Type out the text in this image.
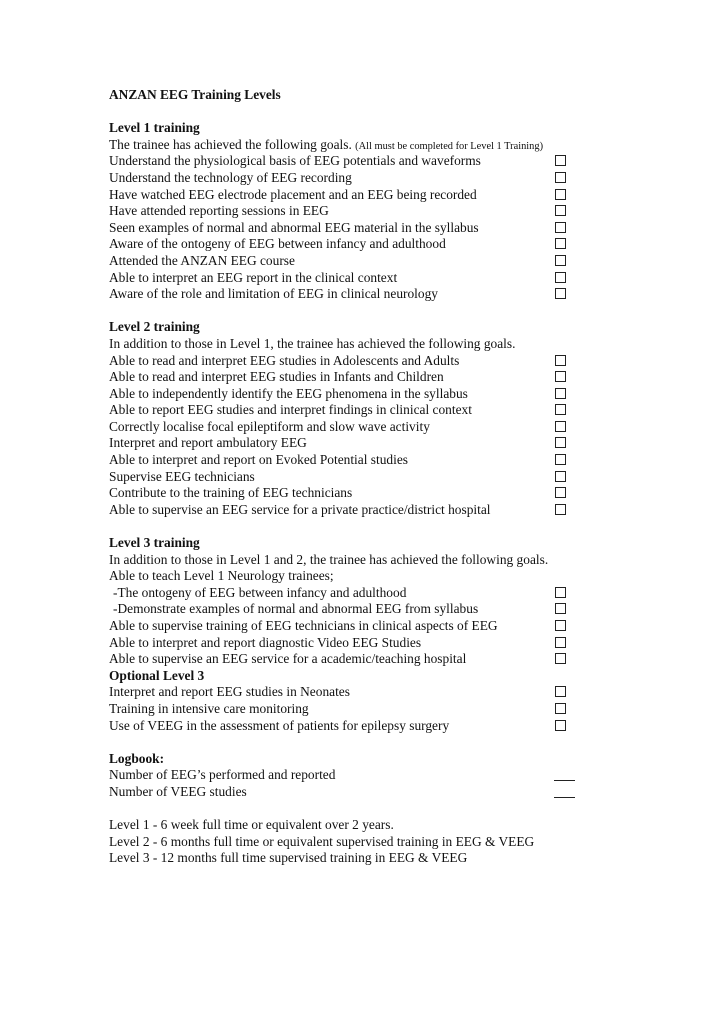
ANZAN EEG Training Levels
Level 1 training
The trainee has achieved the following goals. (All must be completed for Level 1 Training)
Understand the physiological basis of EEG potentials and waveforms
Understand the technology of EEG recording
Have watched EEG electrode placement and an EEG being recorded
Have attended reporting sessions in EEG
Seen examples of normal and abnormal EEG material in the syllabus
Aware of the ontogeny of EEG between infancy and adulthood
Attended the ANZAN EEG course
Able to interpret an EEG report in the clinical context
Aware of the role and limitation of EEG in clinical neurology
Level 2 training
In addition to those in Level 1, the trainee has achieved the following goals.
Able to read and interpret EEG studies in Adolescents and Adults
Able to read and interpret EEG studies in Infants and Children
Able to independently identify the EEG phenomena in the syllabus
Able to report EEG studies and interpret findings in clinical context
Correctly localise focal epileptiform and slow wave activity
Interpret and report ambulatory EEG
Able to interpret and report on Evoked Potential studies
Supervise EEG technicians
Contribute to the training of EEG technicians
Able to supervise an EEG service for a private practice/district hospital
Level 3 training
In addition to those in Level 1 and 2, the trainee has achieved the following goals.
Able to teach Level 1 Neurology trainees;
-The ontogeny of EEG between infancy and adulthood
-Demonstrate examples of normal and abnormal EEG from syllabus
Able to supervise training of EEG technicians in clinical aspects of EEG
Able to interpret and report diagnostic Video EEG Studies
Able to supervise an EEG service for a academic/teaching hospital
Optional Level 3
Interpret and report EEG studies in Neonates
Training in intensive care monitoring
Use of VEEG in the assessment of patients for epilepsy surgery
Logbook:
Number of EEG’s performed and reported
Number of VEEG studies
Level 1 - 6 week full time or equivalent over 2 years.
Level 2 - 6 months full time or equivalent supervised training in EEG & VEEG
Level 3 - 12 months full time supervised training in EEG & VEEG
